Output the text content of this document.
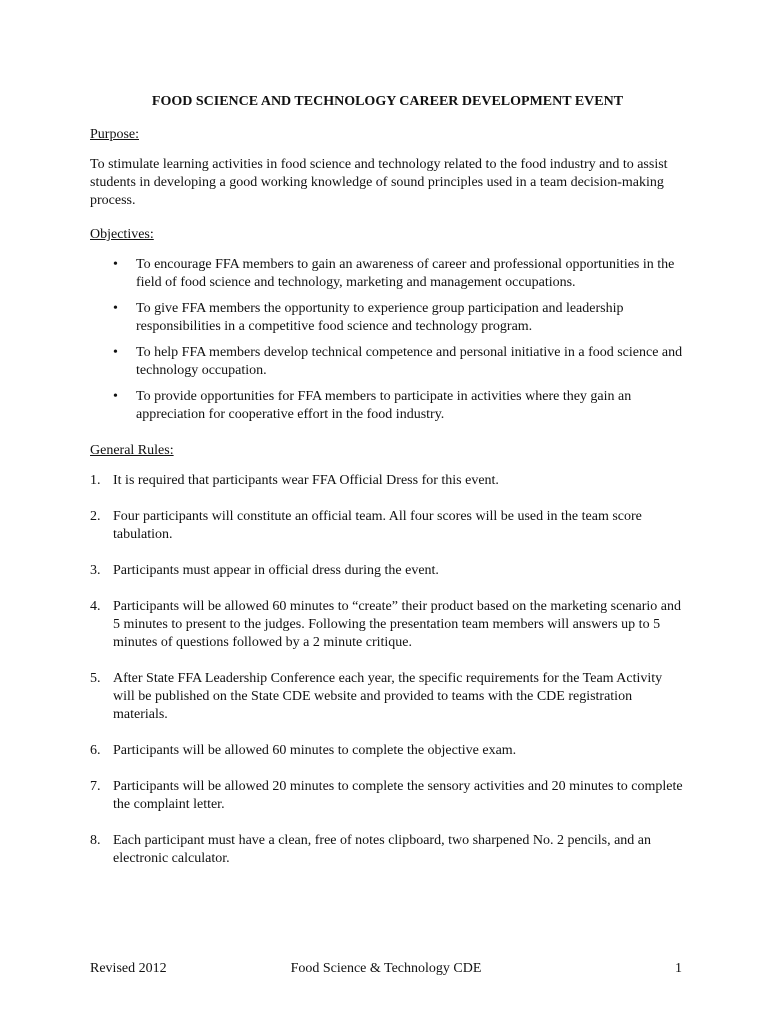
FOOD SCIENCE AND TECHNOLOGY CAREER DEVELOPMENT EVENT
Purpose:

To stimulate learning activities in food science and technology related to the food industry and to assist students in developing a good working knowledge of sound principles used in a team decision-making process.

Objectives:
• To encourage FFA members to gain an awareness of career and professional opportunities in the field of food science and technology, marketing and management occupations.
• To give FFA members the opportunity to experience group participation and leadership responsibilities in a competitive food science and technology program.
• To help FFA members develop technical competence and personal initiative in a food science and technology occupation.
• To provide opportunities for FFA members to participate in activities where they gain an appreciation for cooperative effort in the food industry.
General Rules:
1. It is required that participants wear FFA Official Dress for this event.
2. Four participants will constitute an official team. All four scores will be used in the team score tabulation.
3. Participants must appear in official dress during the event.
4. Participants will be allowed 60 minutes to “create” their product based on the marketing scenario and 5 minutes to present to the judges. Following the presentation team members will answers up to 5 minutes of questions followed by a 2 minute critique.
5. After State FFA Leadership Conference each year, the specific requirements for the Team Activity will be published on the State CDE website and provided to teams with the CDE registration materials.
6. Participants will be allowed 60 minutes to complete the objective exam.
7. Participants will be allowed 20 minutes to complete the sensory activities and 20 minutes to complete the complaint letter.
8. Each participant must have a clean, free of notes clipboard, two sharpened No. 2 pencils, and an electronic calculator.
Revised 2012	Food Science & Technology CDE	1
